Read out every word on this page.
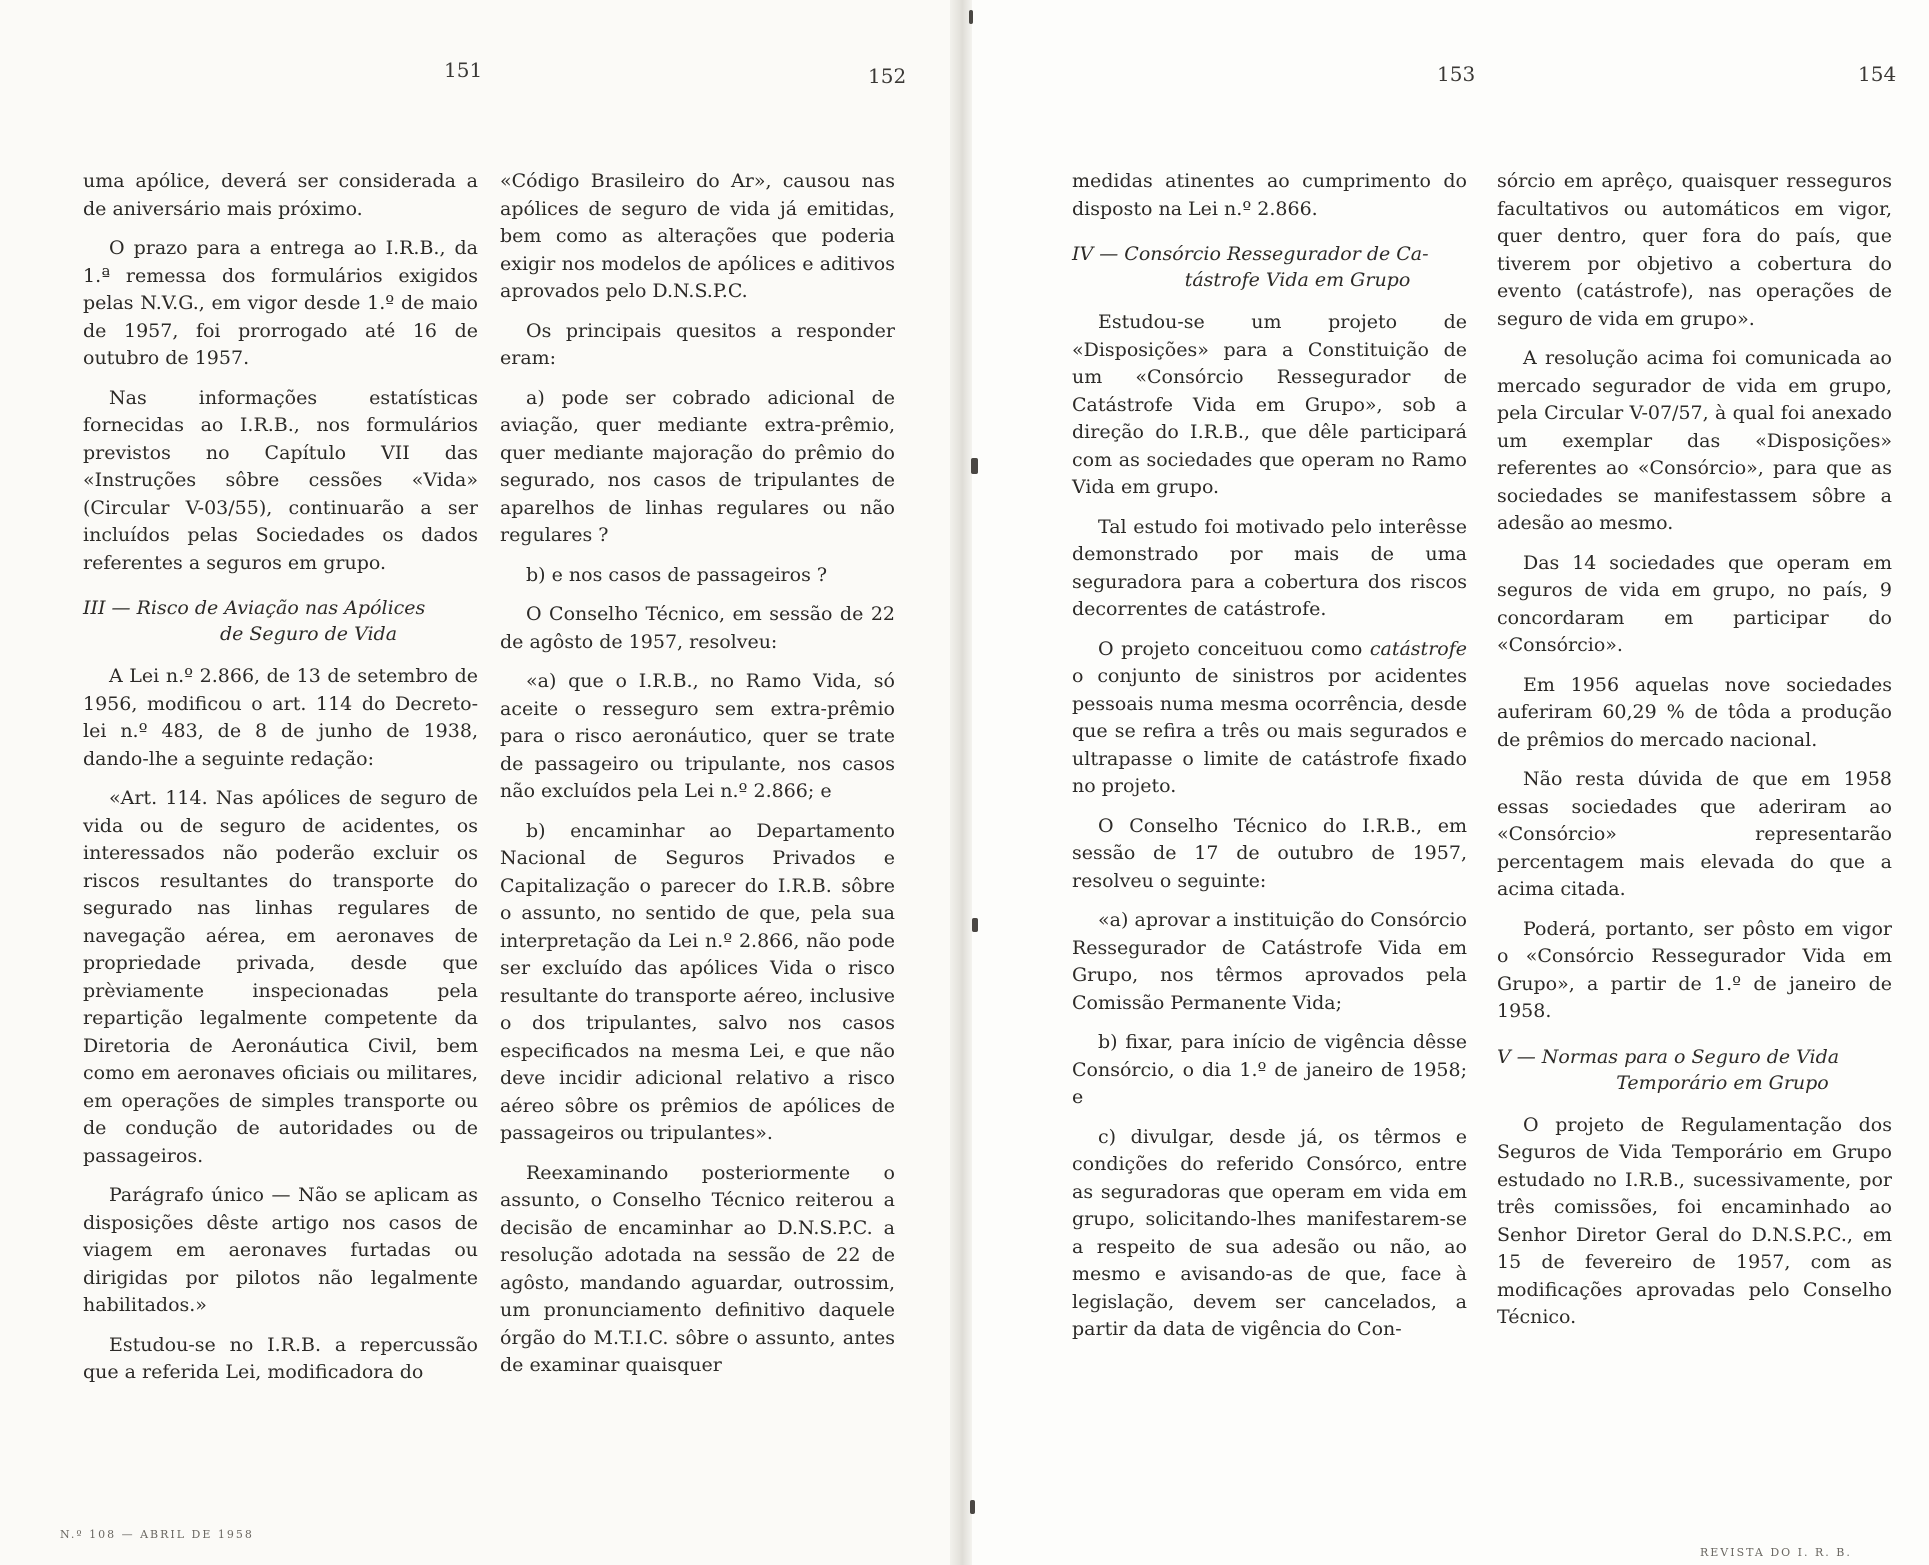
151	152	153	154

uma apólice, deverá ser considerada a de aniversário mais próximo.

O prazo para a entrega ao I.R.B., da 1.ª remessa dos formulários exigidos pelas N.V.G., em vigor desde 1.º de maio de 1957, foi prorrogado até 16 de outubro de 1957.

Nas informações estatísticas fornecidas ao I.R.B., nos formulários previstos no Capítulo VII das «Instruções sôbre cessões «Vida» (Circular V-03/55), continuarão a ser incluídos pelas Sociedades os dados referentes a seguros em grupo.

III — Risco de Aviação nas Apólices
de Seguro de Vida

A Lei n.º 2.866, de 13 de setembro de 1956, modificou o art. 114 do Decreto-lei n.º 483, de 8 de junho de 1938, dando-lhe a seguinte redação:

«Art. 114. Nas apólices de seguro de vida ou de seguro de acidentes, os interessados não poderão excluir os riscos resultantes do transporte do segurado nas linhas regulares de navegação aérea, em aeronaves de propriedade privada, desde que prèviamente inspecionadas pela repartição legalmente competente da Diretoria de Aeronáutica Civil, bem como em aeronaves oficiais ou militares, em operações de simples transporte ou de condução de autoridades ou de passageiros.

Parágrafo único — Não se aplicam as disposições dêste artigo nos casos de viagem em aeronaves furtadas ou dirigidas por pilotos não legalmente habilitados.»

Estudou-se no I.R.B. a repercussão que a referida Lei, modificadora do

«Código Brasileiro do Ar», causou nas apólices de seguro de vida já emitidas, bem como as alterações que poderia exigir nos modelos de apólices e aditivos aprovados pelo D.N.S.P.C.

Os principais quesitos a responder eram:

a) pode ser cobrado adicional de aviação, quer mediante extra-prêmio, quer mediante majoração do prêmio do segurado, nos casos de tripulantes de aparelhos de linhas regulares ou não regulares ?

b) e nos casos de passageiros ?

O Conselho Técnico, em sessão de 22 de agôsto de 1957, resolveu:

«a) que o I.R.B., no Ramo Vida, só aceite o resseguro sem extra-prêmio para o risco aeronáutico, quer se trate de passageiro ou tripulante, nos casos não excluídos pela Lei n.º 2.866; e

b) encaminhar ao Departamento Nacional de Seguros Privados e Capitalização o parecer do I.R.B. sôbre o assunto, no sentido de que, pela sua interpretação da Lei n.º 2.866, não pode ser excluído das apólices Vida o risco resultante do transporte aéreo, inclusive o dos tripulantes, salvo nos casos especificados na mesma Lei, e que não deve incidir adicional relativo a risco aéreo sôbre os prêmios de apólices de passageiros ou tripulantes».

Reexaminando posteriormente o assunto, o Conselho Técnico reiterou a decisão de encaminhar ao D.N.S.P.C. a resolução adotada na sessão de 22 de agôsto, mandando aguardar, outrossim, um pronunciamento definitivo daquele órgão do M.T.I.C. sôbre o assunto, antes de examinar quaisquer

medidas atinentes ao cumprimento do disposto na Lei n.º 2.866.

IV — Consórcio Ressegurador de Ca-
tástrofe Vida em Grupo

Estudou-se um projeto de «Disposições» para a Constituição de um «Consórcio Ressegurador de Catástrofe Vida em Grupo», sob a direção do I.R.B., que dêle participará com as sociedades que operam no Ramo Vida em grupo.

Tal estudo foi motivado pelo interêsse demonstrado por mais de uma seguradora para a cobertura dos riscos decorrentes de catástrofe.

O projeto conceituou como catástrofe o conjunto de sinistros por acidentes pessoais numa mesma ocorrência, desde que se refira a três ou mais segurados e ultrapasse o limite de catástrofe fixado no projeto.

O Conselho Técnico do I.R.B., em sessão de 17 de outubro de 1957, resolveu o seguinte:

«a) aprovar a instituição do Consórcio Ressegurador de Catástrofe Vida em Grupo, nos têrmos aprovados pela Comissão Permanente Vida;

b) fixar, para início de vigência dêsse Consórcio, o dia 1.º de janeiro de 1958; e

c) divulgar, desde já, os têrmos e condições do referido Consórco, entre as seguradoras que operam em vida em grupo, solicitando-lhes manifestarem-se a respeito de sua adesão ou não, ao mesmo e avisando-as de que, face à legislação, devem ser cancelados, a partir da data de vigência do Con-

sórcio em aprêço, quaisquer resseguros facultativos ou automáticos em vigor, quer dentro, quer fora do país, que tiverem por objetivo a cobertura do evento (catástrofe), nas operações de seguro de vida em grupo».

A resolução acima foi comunicada ao mercado segurador de vida em grupo, pela Circular V-07/57, à qual foi anexado um exemplar das «Disposições» referentes ao «Consórcio», para que as sociedades se manifestassem sôbre a adesão ao mesmo.

Das 14 sociedades que operam em seguros de vida em grupo, no país, 9 concordaram em participar do «Consórcio».

Em 1956 aquelas nove sociedades auferiram 60,29 % de tôda a produção de prêmios do mercado nacional.

Não resta dúvida de que em 1958 essas sociedades que aderiram ao «Consórcio» representarão percentagem mais elevada do que a acima citada.

Poderá, portanto, ser pôsto em vigor o «Consórcio Ressegurador Vida em Grupo», a partir de 1.º de janeiro de 1958.

V — Normas para o Seguro de Vida
Temporário em Grupo

O projeto de Regulamentação dos Seguros de Vida Temporário em Grupo estudado no I.R.B., sucessivamente, por três comissões, foi encaminhado ao Senhor Diretor Geral do D.N.S.P.C., em 15 de fevereiro de 1957, com as modificações aprovadas pelo Conselho Técnico.

N.º 108 — ABRIL DE 1958
REVISTA DO I. R. B.
